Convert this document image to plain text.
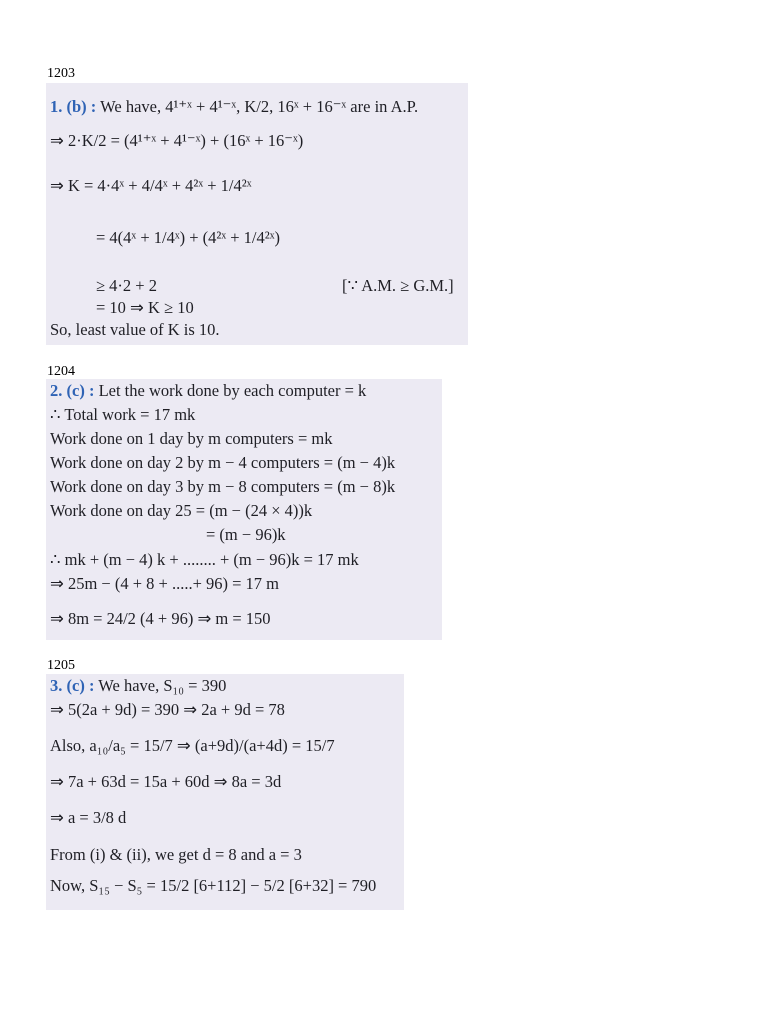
1203
1. (b) : We have, 4¹⁺ˣ + 4¹⁻ˣ, K/2, 16ˣ + 16⁻ˣ are in A.P.
⇒ 2·K/2 = (4¹⁺ˣ + 4¹⁻ˣ) + (16ˣ + 16⁻ˣ)
⇒ K = 4·4ˣ + 4/4ˣ + 4²ˣ + 1/4²ˣ
= 4(4ˣ + 1/4ˣ) + (4²ˣ + 1/4²ˣ)
≥ 4·2 + 2	[∵ A.M. ≥ G.M.]
= 10 ⇒ K ≥ 10
So, least value of K is 10.
1204
2. (c) : Let the work done by each computer = k
∴ Total work = 17 mk
Work done on 1 day by m computers = mk
Work done on day 2 by m − 4 computers = (m − 4)k
Work done on day 3 by m − 8 computers = (m − 8)k
Work done on day 25 = (m − (24 × 4))k
= (m − 96)k
∴ mk + (m − 4) k + ........ + (m − 96)k = 17 mk
⇒ 25m − (4 + 8 + .....+ 96) = 17 m
⇒ 8m = 24/2 (4 + 96) ⇒ m = 150
1205
3. (c) : We have, S₁₀ = 390
⇒ 5(2a + 9d) = 390 ⇒ 2a + 9d = 78
Also, a₁₀/a₅ = 15/7 ⇒ (a+9d)/(a+4d) = 15/7
⇒ 7a + 63d = 15a + 60d ⇒ 8a = 3d
⇒ a = 3/8 d
From (i) & (ii), we get d = 8 and a = 3
Now, S₁₅ − S₅ = 15/2 [6+112] − 5/2 [6+32] = 790
